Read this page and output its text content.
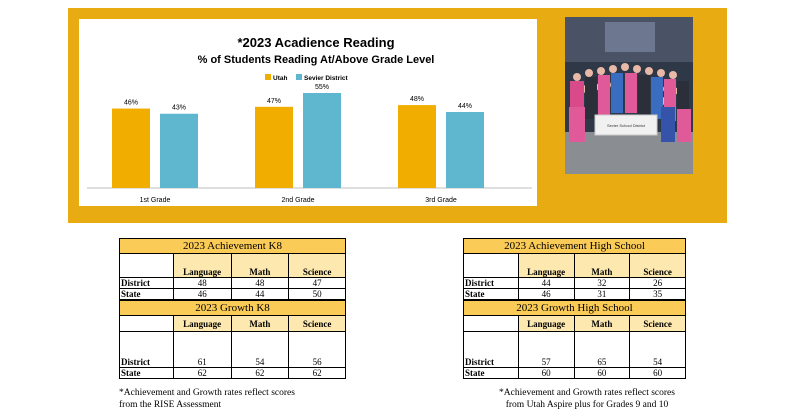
*2023 Acadience Reading
% of Students Reading At/Above Grade Level
Utah	Sevier District
46%
43%
1st Grade
47%
55%
2nd Grade
48%
44%
3rd Grade
Sevier School District
2023 Achievement K8			
	Language	Math	Science
District	48	48	47
State	46	44	50
2023 Growth K8			
	Language	Math	Science
District	61	54	56
State	62	62	62
*Achievement and Growth rates reflect scores
from the RISE Assessment
2023 Achievement High School			
	Language	Math	Science
District	44	32	26
State	46	31	35
2023 Growth High School			
	Language	Math	Science
District	57	65	54
State	60	60	60
*Achievement and Growth rates reflect scores
from Utah Aspire plus for Grades 9 and 10
